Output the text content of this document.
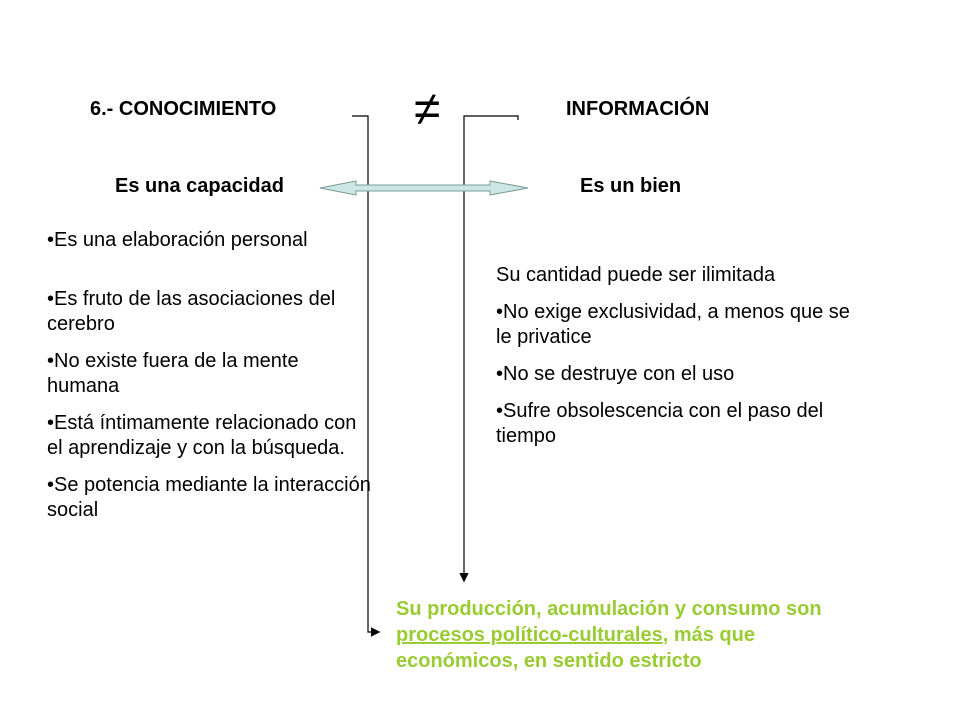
6.- CONOCIMIENTO	≠	INFORMACIÓN
Es una capacidad	Es un bien

•Es una elaboración personal

•Es fruto de las asociaciones del cerebro

•No existe fuera de la mente humana

•Está íntimamente relacionado con el aprendizaje y con la búsqueda.

•Se potencia mediante la interacción social

Su cantidad puede ser ilimitada

•No exige exclusividad, a menos que se le privatice

•No se destruye con el uso

•Sufre obsolescencia con el paso del tiempo

Su producción, acumulación y consumo son procesos político-culturales, más que económicos, en sentido estricto
